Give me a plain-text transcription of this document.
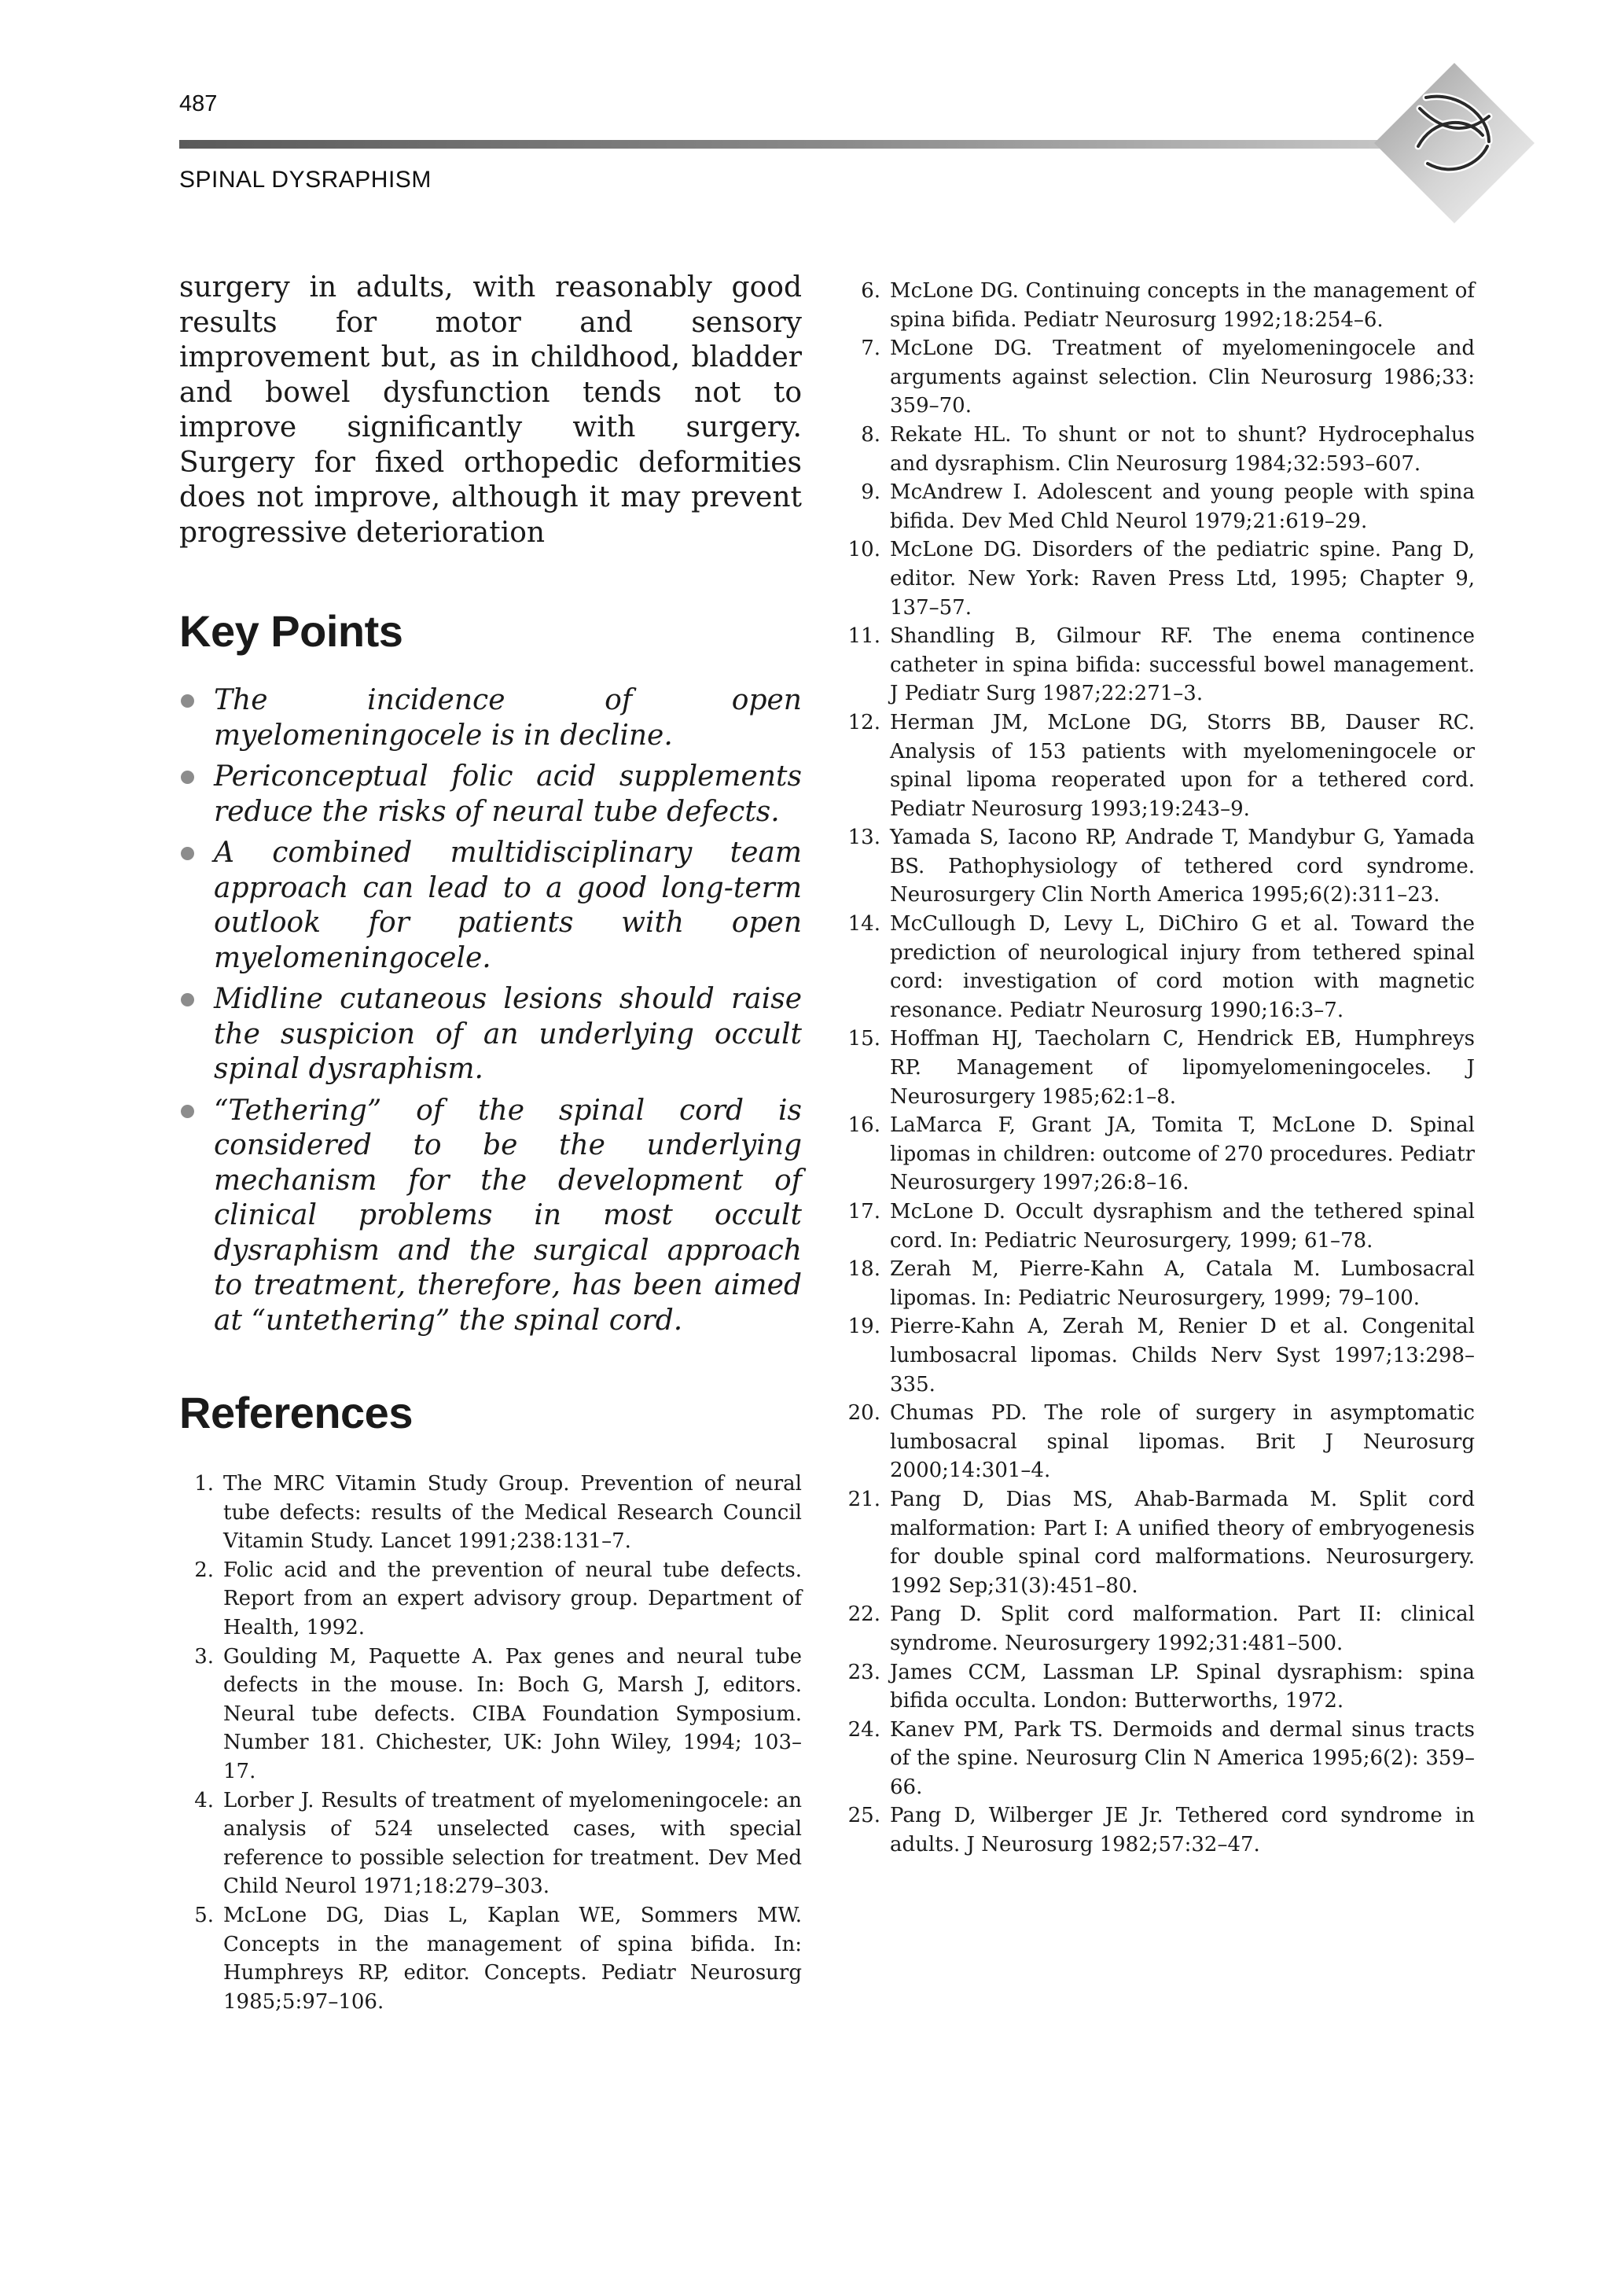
487
SPINAL DYSRAPHISM

surgery in adults, with reasonably good results for motor and sensory improvement but, as in childhood, bladder and bowel dysfunction tends not to improve significantly with surgery. Surgery for fixed orthopedic deformities does not improve, although it may prevent progressive deterioration

Key Points
The incidence of open myelomeningocele is in decline.
Periconceptual folic acid supplements reduce the risks of neural tube defects.
A combined multidisciplinary team approach can lead to a good long-term outlook for patients with open myelomeningocele.
Midline cutaneous lesions should raise the suspicion of an underlying occult spinal dysraphism.
“Tethering” of the spinal cord is considered to be the underlying mechanism for the development of clinical problems in most occult dysraphism and the surgical approach to treatment, therefore, has been aimed at “untethering” the spinal cord.
References
1. The MRC Vitamin Study Group. Prevention of neural tube defects: results of the Medical Research Council Vitamin Study. Lancet 1991;238:131–7.
2. Folic acid and the prevention of neural tube defects. Report from an expert advisory group. Department of Health, 1992.
3. Goulding M, Paquette A. Pax genes and neural tube defects in the mouse. In: Boch G, Marsh J, editors. Neural tube defects. CIBA Foundation Symposium. Number 181. Chichester, UK: John Wiley, 1994; 103–17.
4. Lorber J. Results of treatment of myelomeningocele: an analysis of 524 unselected cases, with special reference to possible selection for treatment. Dev Med Child Neurol 1971;18:279–303.
5. McLone DG, Dias L, Kaplan WE, Sommers MW. Concepts in the management of spina bifida. In: Humphreys RP, editor. Concepts. Pediatr Neurosurg 1985;5:97–106.
6. McLone DG. Continuing concepts in the management of spina bifida. Pediatr Neurosurg 1992;18:254–6.
7. McLone DG. Treatment of myelomeningocele and arguments against selection. Clin Neurosurg 1986;33: 359–70.
8. Rekate HL. To shunt or not to shunt? Hydrocephalus and dysraphism. Clin Neurosurg 1984;32:593–607.
9. McAndrew I. Adolescent and young people with spina bifida. Dev Med Chld Neurol 1979;21:619–29.
10. McLone DG. Disorders of the pediatric spine. Pang D, editor. New York: Raven Press Ltd, 1995; Chapter 9, 137–57.
11. Shandling B, Gilmour RF. The enema continence catheter in spina bifida: successful bowel management. J Pediatr Surg 1987;22:271–3.
12. Herman JM, McLone DG, Storrs BB, Dauser RC. Analysis of 153 patients with myelomeningocele or spinal lipoma reoperated upon for a tethered cord. Pediatr Neurosurg 1993;19:243–9.
13. Yamada S, Iacono RP, Andrade T, Mandybur G, Yamada BS. Pathophysiology of tethered cord syndrome. Neurosurgery Clin North America 1995;6(2):311–23.
14. McCullough D, Levy L, DiChiro G et al. Toward the prediction of neurological injury from tethered spinal cord: investigation of cord motion with magnetic resonance. Pediatr Neurosurg 1990;16:3–7.
15. Hoffman HJ, Taecholarn C, Hendrick EB, Humphreys RP. Management of lipomyelomeningoceles. J Neurosurgery 1985;62:1–8.
16. LaMarca F, Grant JA, Tomita T, McLone D. Spinal lipomas in children: outcome of 270 procedures. Pediatr Neurosurgery 1997;26:8–16.
17. McLone D. Occult dysraphism and the tethered spinal cord. In: Pediatric Neurosurgery, 1999; 61–78.
18. Zerah M, Pierre-Kahn A, Catala M. Lumbosacral lipomas. In: Pediatric Neurosurgery, 1999; 79–100.
19. Pierre-Kahn A, Zerah M, Renier D et al. Congenital lumbosacral lipomas. Childs Nerv Syst 1997;13:298–335.
20. Chumas PD. The role of surgery in asymptomatic lumbosacral spinal lipomas. Brit J Neurosurg 2000;14:301–4.
21. Pang D, Dias MS, Ahab-Barmada M. Split cord malformation: Part I: A unified theory of embryogenesis for double spinal cord malformations. Neurosurgery. 1992 Sep;31(3):451–80.
22. Pang D. Split cord malformation. Part II: clinical syndrome. Neurosurgery 1992;31:481–500.
23. James CCM, Lassman LP. Spinal dysraphism: spina bifida occulta. London: Butterworths, 1972.
24. Kanev PM, Park TS. Dermoids and dermal sinus tracts of the spine. Neurosurg Clin N America 1995;6(2): 359–66.
25. Pang D, Wilberger JE Jr. Tethered cord syndrome in adults. J Neurosurg 1982;57:32–47.
